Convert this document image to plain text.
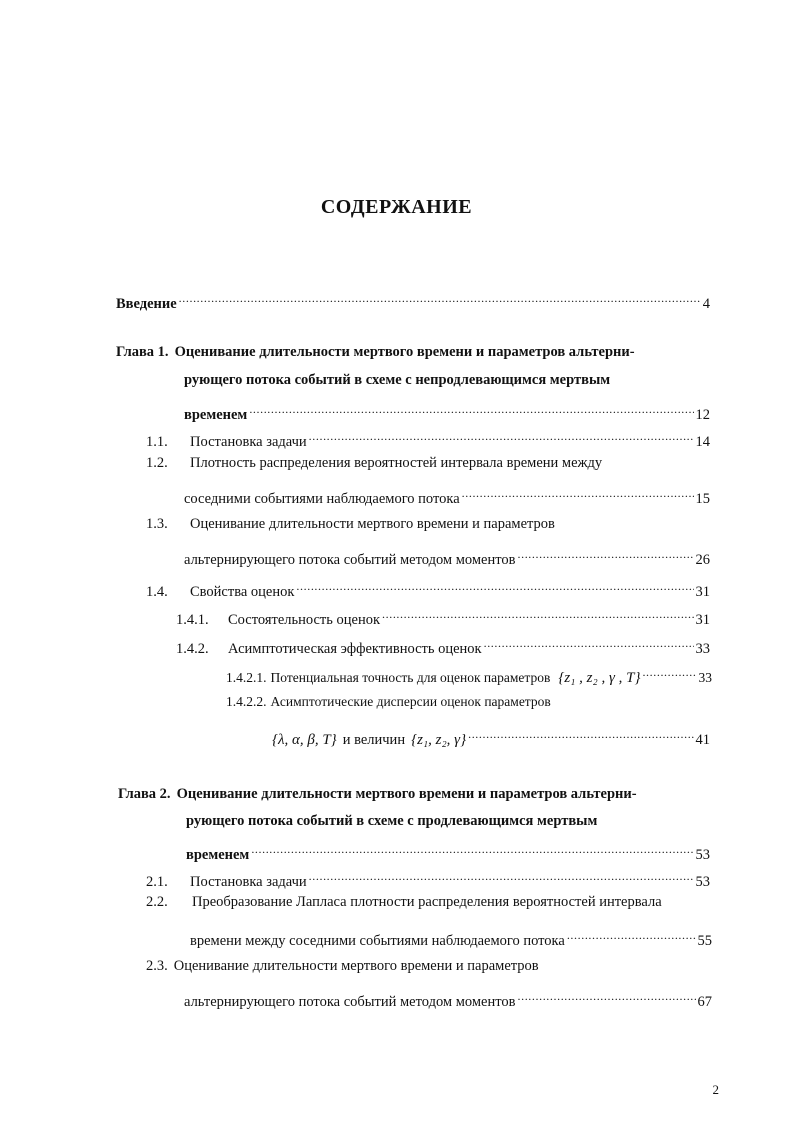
СОДЕРЖАНИЕ
Введение .....	4
Глава 1. Оценивание длительности мертвого времени и параметров альтерни-
рующего потока событий в схеме с непродлевающимся мертвым
временем .....	12
1.1.	Постановка задачи .....	14
1.2.	Плотность распределения вероятностей интервала времени между
соседними событиями наблюдаемого потока .....	15
1.3.	Оценивание длительности мертвого времени и параметров
альтернирующего потока событий методом моментов .....	26
1.4.	Свойства оценок .....	31
1.4.1.	Состоятельность оценок .....	31
1.4.2.	Асимптотическая эффективность оценок .....	33
1.4.2.1. Потенциальная точность для оценок параметров {z₁ , z₂ , γ , T} .....	33
1.4.2.2. Асимптотические дисперсии оценок параметров
{λ, α, β, T} и величин {z₁, z₂, γ} .....	41
Глава 2. Оценивание длительности мертвого времени и параметров альтерни-
рующего потока событий в схеме с продлевающимся мертвым
временем .....	53
2.1.	Постановка задачи .....	53
2.2.	Преобразование Лапласа плотности распределения вероятностей интервала
времени между соседними событиями наблюдаемого потока .....	55
2.3. Оценивание длительности мертвого времени и параметров
альтернирующего потока событий методом моментов .....	67
2
